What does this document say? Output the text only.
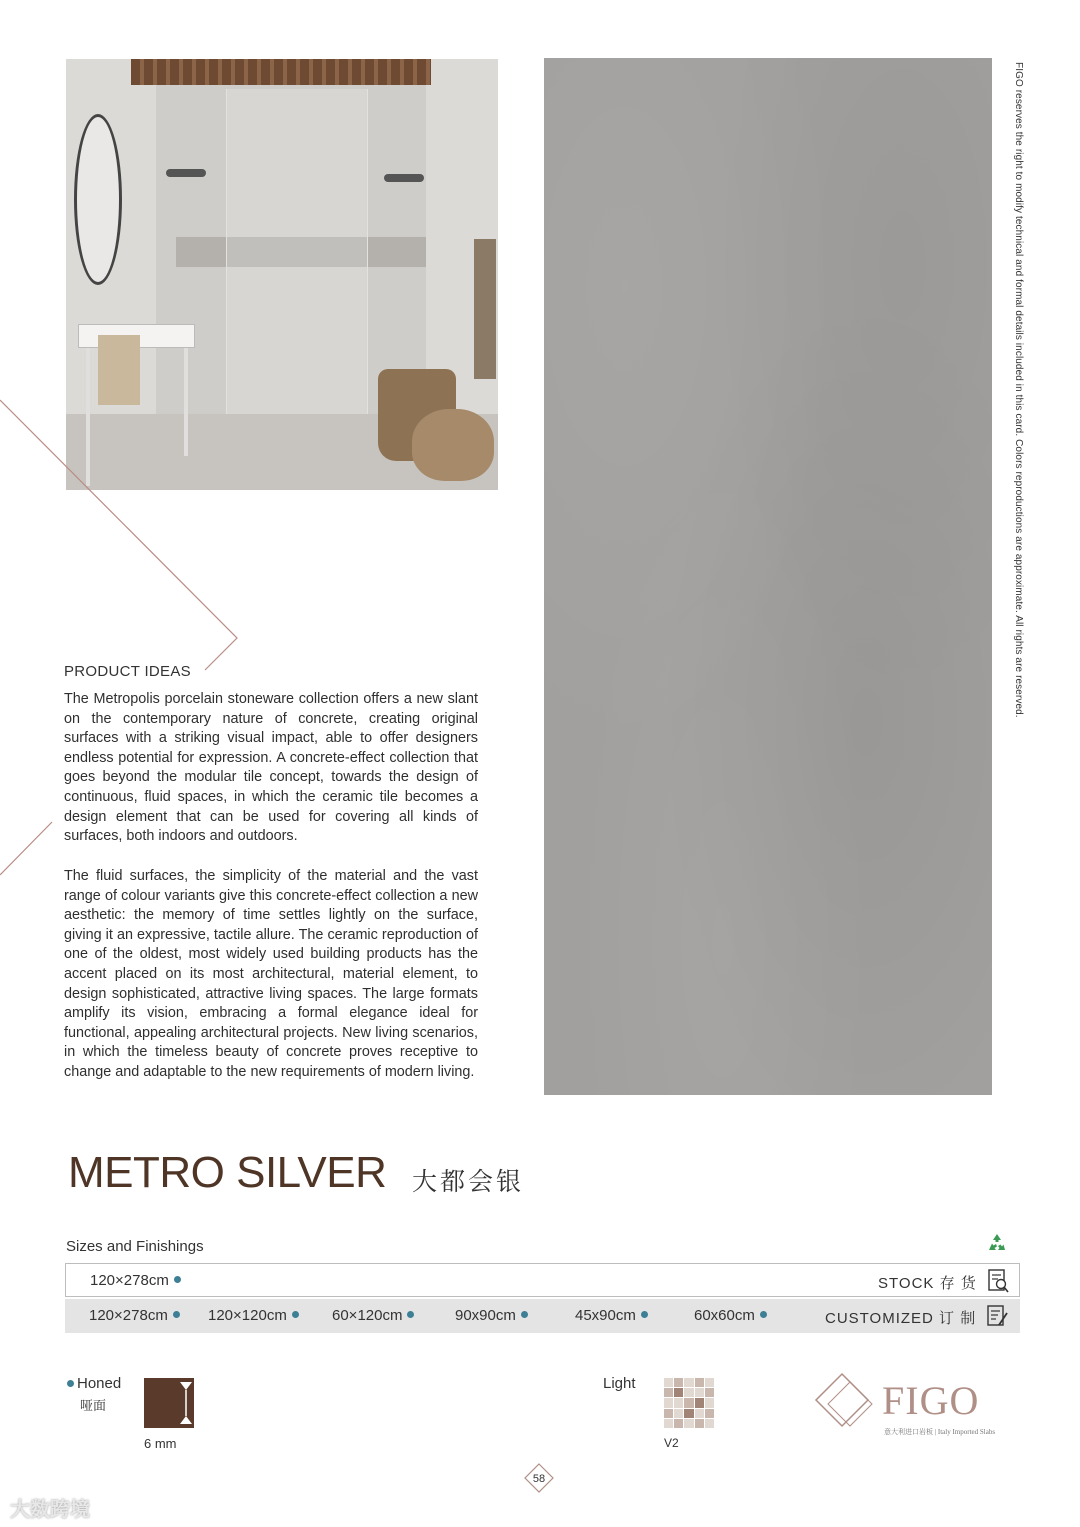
FIGO reserves the right to modify technical and formal details included in this card. Colors reproductions are approximate. All rights are reserved.
PRODUCT IDEAS

The Metropolis porcelain stoneware collection offers a new slant on the contemporary nature of concrete, creating original surfaces with a striking visual impact, able to offer designers endless potential for expression. A concrete-effect collection that goes beyond the modular tile concept, towards the design of continuous, fluid spaces, in which the ceramic tile becomes a design element that can be used for covering all kinds of surfaces, both indoors and outdoors.

The fluid surfaces, the simplicity of the material and the vast range of colour variants give this concrete-effect collection a new aesthetic: the memory of time settles lightly on the surface, giving it an expressive, tactile allure. The ceramic reproduction of one of the oldest, most widely used building products has the accent placed on its most architectural, material element, to design sophisticated, attractive living spaces. The large formats amplify its vision, embracing a formal elegance ideal for functional, appealing architectural projects. New living scenarios, in which the timeless beauty of concrete proves receptive to change and adaptable to the new requirements of modern living.

METRO SILVER 大都会银
Sizes and Finishings
120×278cm	STOCK 存 货
120×278cm	120×120cm	60×120cm	90x90cm	45x90cm	60x60cm	CUSTOMIZED 订 制
Honed
哑面
6 mm
Light
V2
FIGO
意大利进口岩板 | Italy Imported Slabs
58
大数跨境
